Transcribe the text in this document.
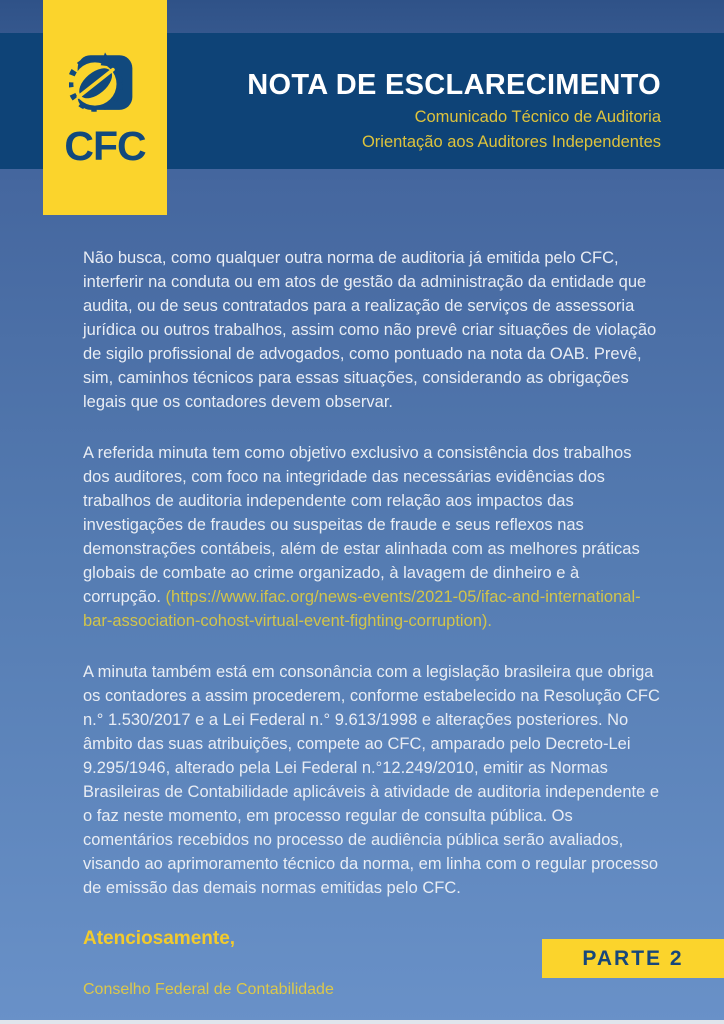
CFC
NOTA DE ESCLARECIMENTO
Comunicado Técnico de Auditoria
Orientação aos Auditores Independentes

Não busca, como qualquer outra norma de auditoria já emitida pelo CFC, interferir na conduta ou em atos de gestão da administração da entidade que audita, ou de seus contratados para a realização de serviços de assessoria jurídica ou outros trabalhos, assim como não prevê criar situações de violação de sigilo profissional de advogados, como pontuado na nota da OAB. Prevê, sim, caminhos técnicos para essas situações, considerando as obrigações legais que os contadores devem observar.

A referida minuta tem como objetivo exclusivo a consistência dos trabalhos dos auditores, com foco na integridade das necessárias evidências dos trabalhos de auditoria independente com relação aos impactos das investigações de fraudes ou suspeitas de fraude e seus reflexos nas demonstrações contábeis, além de estar alinhada com as melhores práticas globais de combate ao crime organizado, à lavagem de dinheiro e à corrupção. (https://www.ifac.org/news-events/2021-05/ifac-and-international-bar-association-cohost-virtual-event-fighting-corruption).

A minuta também está em consonância com a legislação brasileira que obriga os contadores a assim procederem, conforme estabelecido na Resolução CFC n.° 1.530/2017 e a Lei Federal n.° 9.613/1998 e alterações posteriores. No âmbito das suas atribuições, compete ao CFC, amparado pelo Decreto-Lei 9.295/1946, alterado pela Lei Federal n.°12.249/2010, emitir as Normas Brasileiras de Contabilidade aplicáveis à atividade de auditoria independente e o faz neste momento, em processo regular de consulta pública. Os comentários recebidos no processo de audiência pública serão avaliados, visando ao aprimoramento técnico da norma, em linha com o regular processo de emissão das demais normas emitidas pelo CFC.

Atenciosamente,

Conselho Federal de Contabilidade

PARTE 2
